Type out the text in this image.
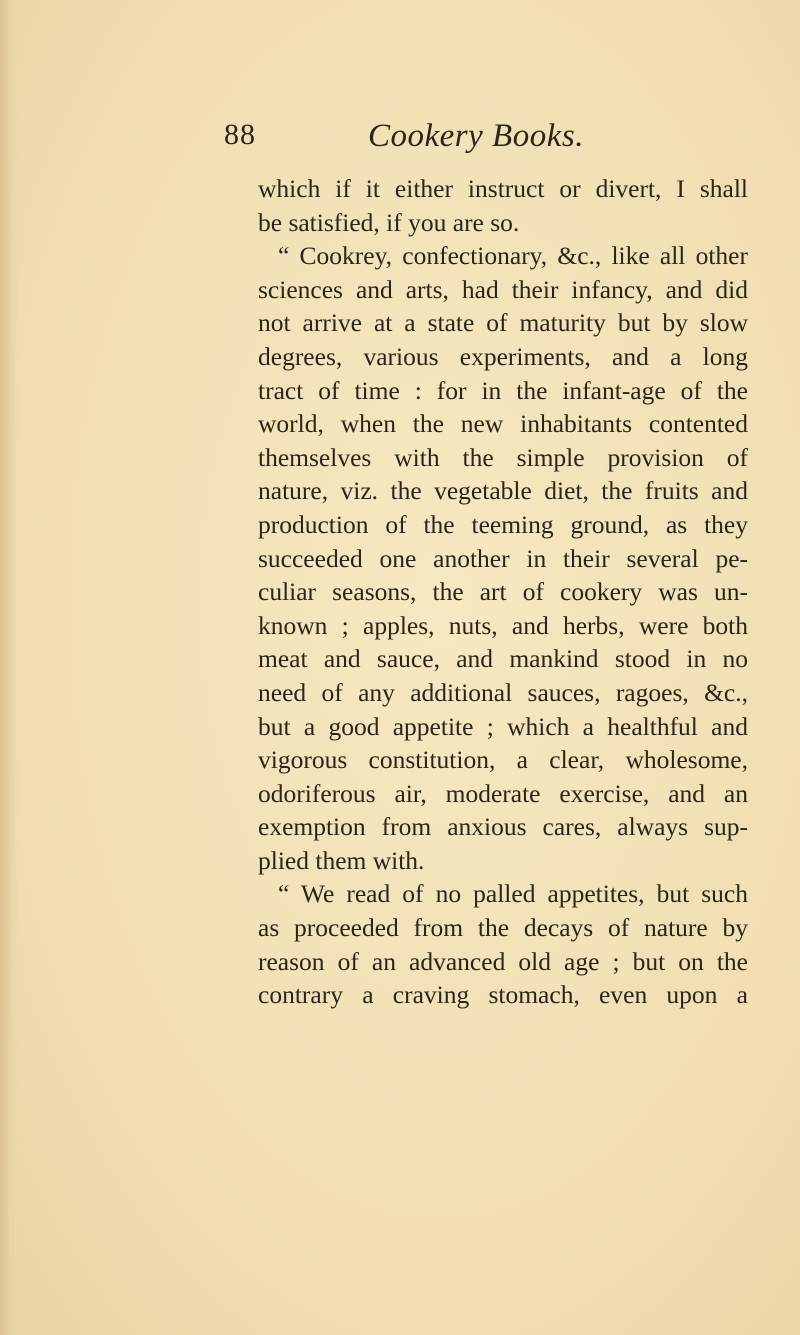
88	Cookery Books.
which if it either instruct or divert, I shall
be satisfied, if you are so.
“ Cookrey, confectionary, &c., like all other
sciences and arts, had their infancy, and did
not arrive at a state of maturity but by slow
degrees, various experiments, and a long
tract of time : for in the infant-age of the
world, when the new inhabitants contented
themselves with the simple provision of
nature, viz. the vegetable diet, the fruits and
production of the teeming ground, as they
succeeded one another in their several pe-
culiar seasons, the art of cookery was un-
known ; apples, nuts, and herbs, were both
meat and sauce, and mankind stood in no
need of any additional sauces, ragoes, &c.,
but a good appetite ; which a healthful and
vigorous constitution, a clear, wholesome,
odoriferous air, moderate exercise, and an
exemption from anxious cares, always sup-
plied them with.
“ We read of no palled appetites, but such
as proceeded from the decays of nature by
reason of an advanced old age ; but on the
contrary a craving stomach, even upon a
